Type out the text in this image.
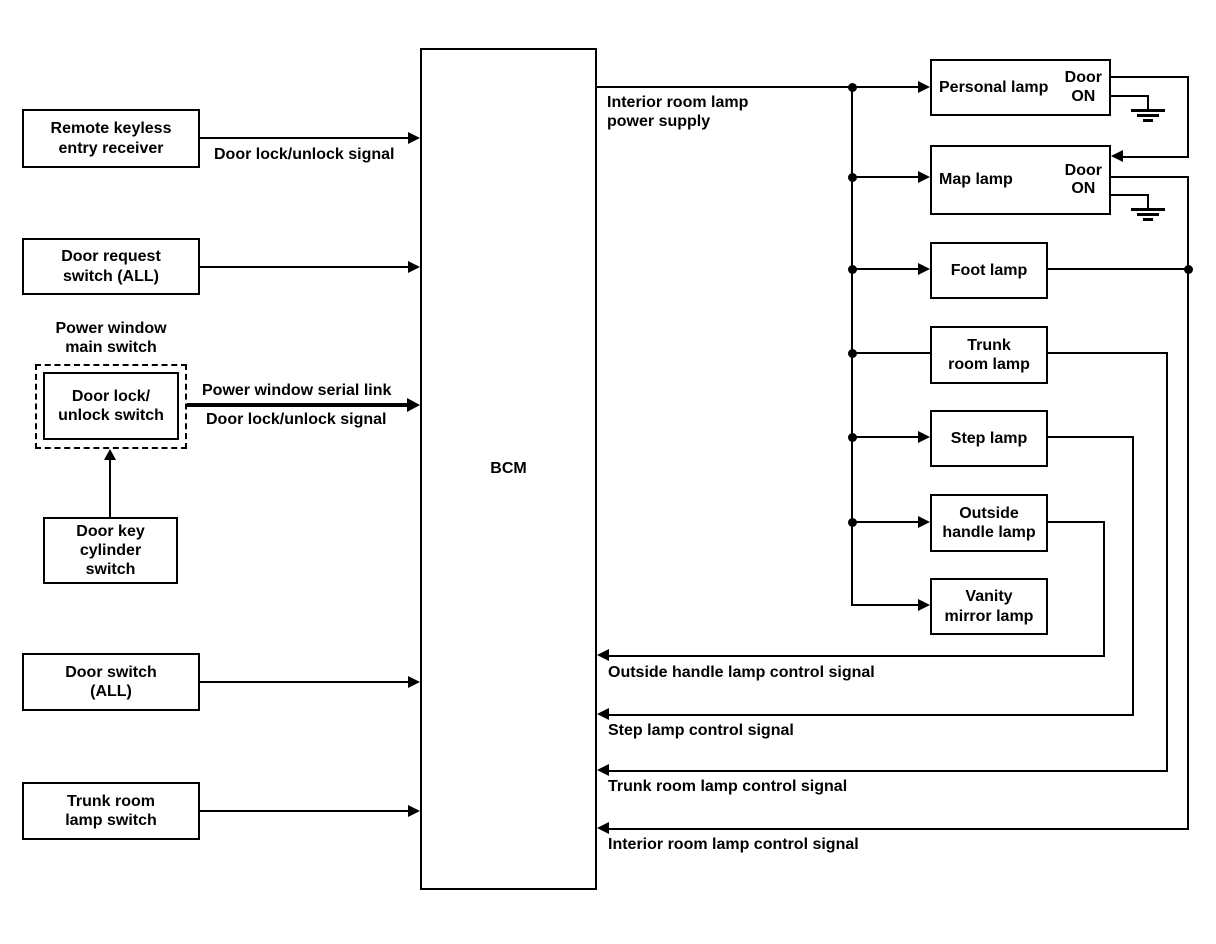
BCM
Remote keyless
entry receiver
Door request
switch (ALL)
Power window
main switch
Door lock/
unlock switch
Door key
cylinder
switch
Door switch
(ALL)
Trunk room
lamp switch
Personal lamp
Door
ON
Map lamp
Door
ON
Foot lamp
Trunk
room lamp
Step lamp
Outside
handle lamp
Vanity
mirror lamp
Door lock/unlock signal
Power window serial link
Door lock/unlock signal
Interior room lamp
power supply
Outside handle lamp control signal
Step lamp control signal
Trunk room lamp control signal
Interior room lamp control signal
